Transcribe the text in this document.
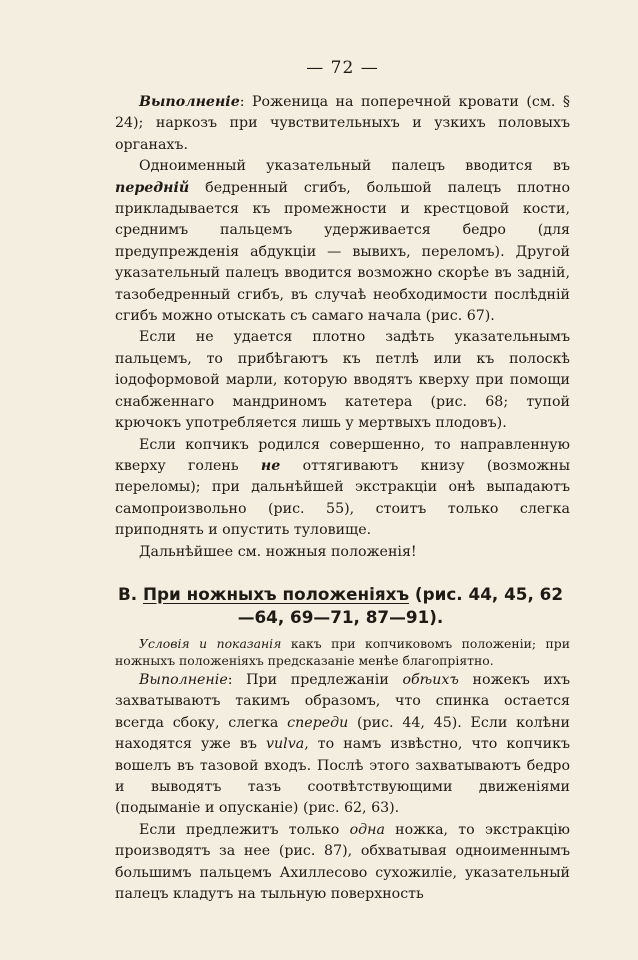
— 72 —

Выполненіе: Роженица на поперечной кровати (см. § 24); наркозъ при чувствительныхъ и узкихъ половыхъ органахъ.

Одноименный указательный палецъ вводится въ передній бедренный сгибъ, большой палецъ плотно прикладывается къ промежности и крестцовой кости, среднимъ пальцемъ удерживается бедро (для предупрежденія абдукціи — вывихъ, переломъ). Другой указательный палецъ вводится возможно скорѣе въ задній, тазобедренный сгибъ, въ случаѣ необходимости послѣдній сгибъ можно отыскать съ самаго начала (рис. 67).

Если не удается плотно задѣть указательнымъ пальцемъ, то прибѣгаютъ къ петлѣ или къ полоскѣ іодоформовой марли, которую вводятъ кверху при помощи снабженнаго мандриномъ катетера (рис. 68; тупой крючокъ употребляется лишь у мертвыхъ плодовъ).

Если копчикъ родился совершенно, то направленную кверху голень не оттягиваютъ книзу (возможны переломы); при дальнѣйшей экстракціи онѣ выпадаютъ самопроизвольно (рис. 55), стоитъ только слегка приподнять и опустить туловище.

Дальнѣйшее см. ножныя положенія!

B. При ножныхъ положеніяхъ (рис. 44, 45, 62—64, 69—71, 87—91).

Условія и показанія какъ при копчиковомъ положеніи; при ножныхъ положеніяхъ предсказаніе менѣе благопріятно.

Выполненіе: При предлежаніи обѣихъ ножекъ ихъ захватываютъ такимъ образомъ, что спинка остается всегда сбоку, слегка спереди (рис. 44, 45). Если колѣни находятся уже въ vulva, то намъ извѣстно, что копчикъ вошелъ въ тазовой входъ. Послѣ этого захватываютъ бедро и выводятъ тазъ соотвѣтствующими движеніями (подыманіе и опусканіе) (рис. 62, 63).

Если предлежитъ только одна ножка, то экстракцію производятъ за нее (рис. 87), обхватывая одноименнымъ большимъ пальцемъ Ахиллесово сухожиліе, указательный палецъ кладутъ на тыльную поверхность
